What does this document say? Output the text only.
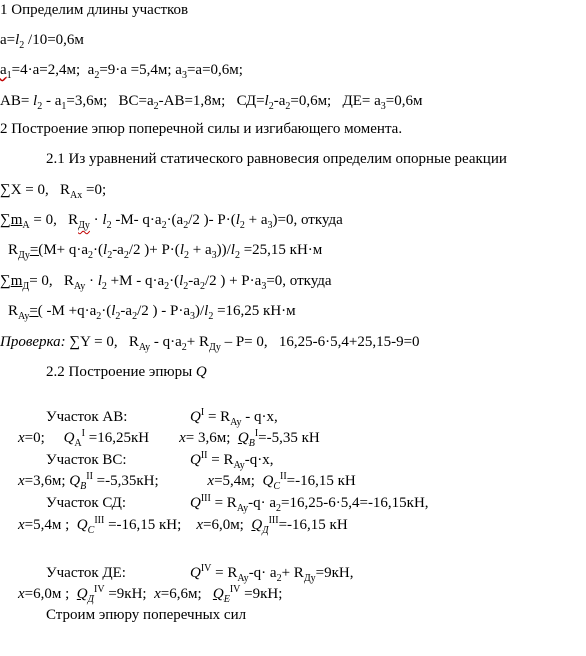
1 Определим длины участков
$a=l_2$ /10=0,6м
$a_1=4\cdot a=2,4м$;  $a_2=9\cdot a =5,4м$; $a_3=a=0,6м$;
$AB= l_2 - a_1=3,6м$;   $BC=a_2-AB=1,8м$;   $СД=l_2-a_2=0,6м$;   $ДЕ= a_3=0,6м$
2 Построение эпюр поперечной силы и изгибающего момента.
2.1 Из уравнений статического равновесия определим опорные реакции
∑X = 0,   $R_{Ax} =0$;
$\sum m_A = 0$,   $R_{Ду} \cdot l_2$ -M- $q\cdot a_2\cdot(a_2/2$ )- $P\cdot(l_2 + a_3)=0$, откуда
$R_{Ду}=(M+ q\cdot a_2\cdot(l_2-a_2/2$ )+ $P\cdot(l_2 + a_3))/l_2 =25,15$ кН·м
$\sum m_Д= 0$,   $R_{Ay} \cdot l_2 +M - q\cdot a_2\cdot(l_2-a_2/2$ ) + $P\cdot a_3=0$, откуда
$R_{Ay}=$( $-M +q\cdot a_2\cdot(l_2-a_2/2$ ) - $P\cdot a_3)/l_2 =16,25$ кН·м
Проверка: ∑Y = 0,   $R_{Ay} - q\cdot a_2+ R_{Ду} - P= 0$,   16,25-6·5,4+25,15-9=0
2.2 Построение эпюры Q
Участок АВ:	$Q^I = R_{Ay} - q\cdot x$,
x=0;     $Q_A^I =16,25кН$        x= 3,6м;  $Q_B^I=-5,35$ кН
Участок ВС:	$Q^{II} = R_{Ay}-q\cdot x$,
x=3,6м; $Q_B^{II} =-5,35кН$;             x=5,4м;  $Q_C^{II}=-16,15$ кН
Участок СД:	$Q^{III} = R_{Ay}-q\cdot a_2=16,25-6\cdot 5,4=-16,15кН$,
x=5,4м ;  $Q_C^{III} =-16,15$ кН;    x=6,0м;  $Q_Д^{III}=-16,15$ кН
Участок ДЕ:	$Q^{IV} = R_{Ay}-q\cdot a_2+ R_{Ду}=9кН$,
x=6,0м ;  $Q_Д^{IV} =9кН$;  x=6,6м;   $Q_E^{IV} =9кН$;
Строим эпюру поперечных сил
